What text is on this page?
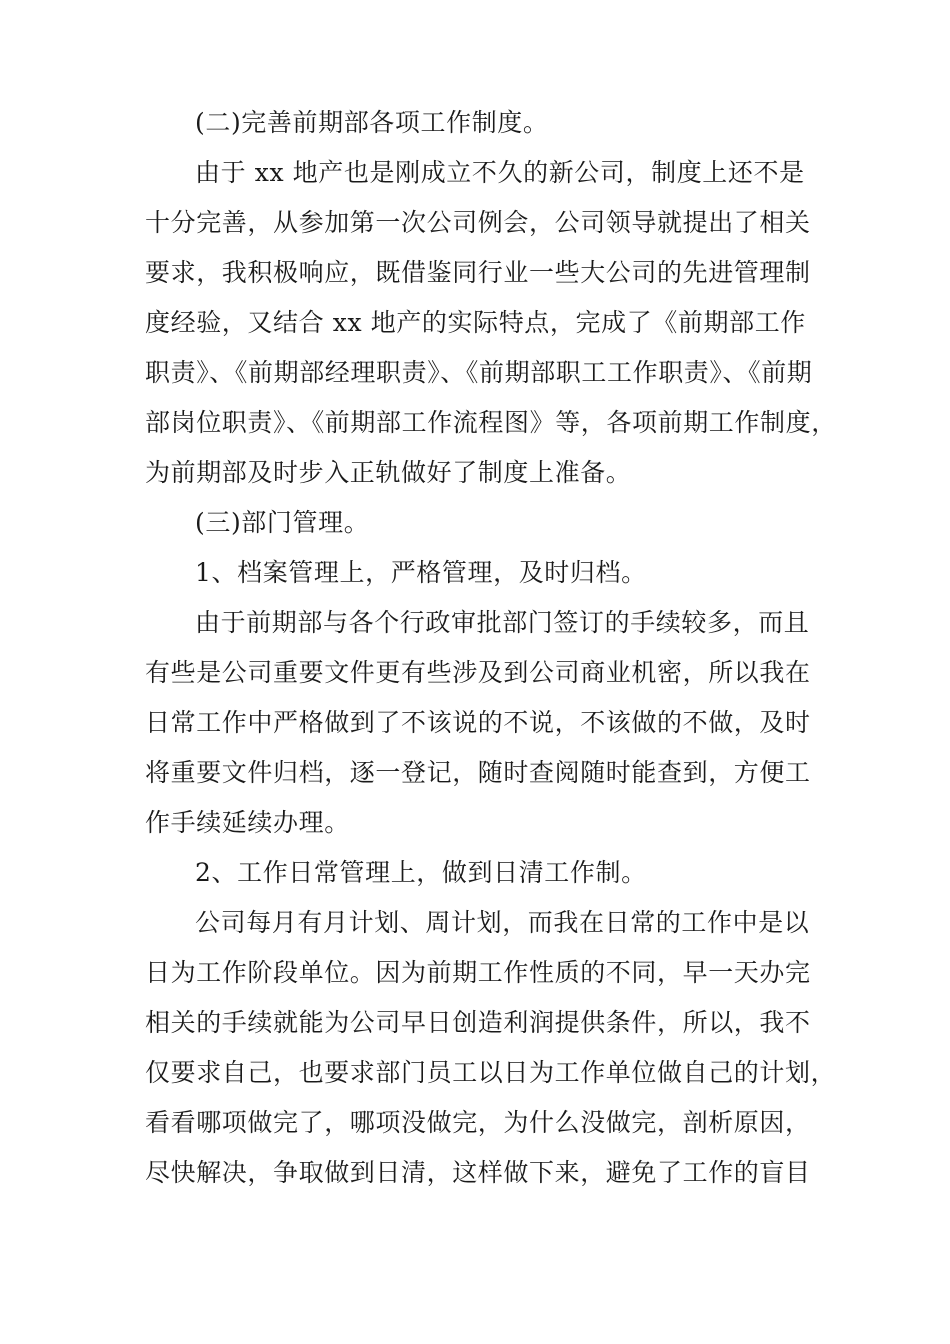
(二)完善前期部各项工作制度。
由于 xx 地产也是刚成立不久的新公司，制度上还不是
十分完善，从参加第一次公司例会，公司领导就提出了相关
要求，我积极响应，既借鉴同行业一些大公司的先进管理制
度经验，又结合 xx 地产的实际特点，完成了《前期部工作
职责》、《前期部经理职责》、《前期部职工工作职责》、《前期
部岗位职责》、《前期部工作流程图》等，各项前期工作制度，
为前期部及时步入正轨做好了制度上准备。
(三)部门管理。
1、档案管理上，严格管理，及时归档。
由于前期部与各个行政审批部门签订的手续较多，而且
有些是公司重要文件更有些涉及到公司商业机密，所以我在
日常工作中严格做到了不该说的不说，不该做的不做，及时
将重要文件归档，逐一登记，随时查阅随时能查到，方便工
作手续延续办理。
2、工作日常管理上，做到日清工作制。
公司每月有月计划、周计划，而我在日常的工作中是以
日为工作阶段单位。因为前期工作性质的不同，早一天办完
相关的手续就能为公司早日创造利润提供条件，所以，我不
仅要求自己，也要求部门员工以日为工作单位做自己的计划，
看看哪项做完了，哪项没做完，为什么没做完，剖析原因，
尽快解决，争取做到日清，这样做下来，避免了工作的盲目
